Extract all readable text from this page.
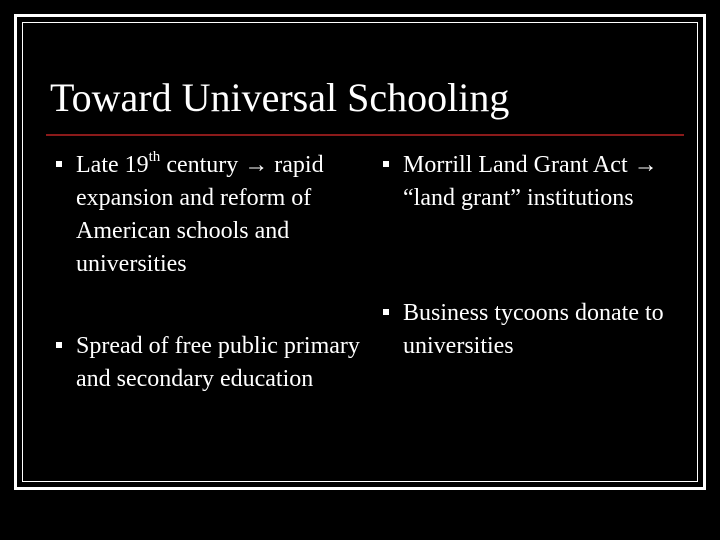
Toward Universal Schooling
Late 19th century → rapid expansion and reform of American schools and universities
Spread of free public primary and secondary education
Morrill Land Grant Act → “land grant” institutions
Business tycoons donate to universities
